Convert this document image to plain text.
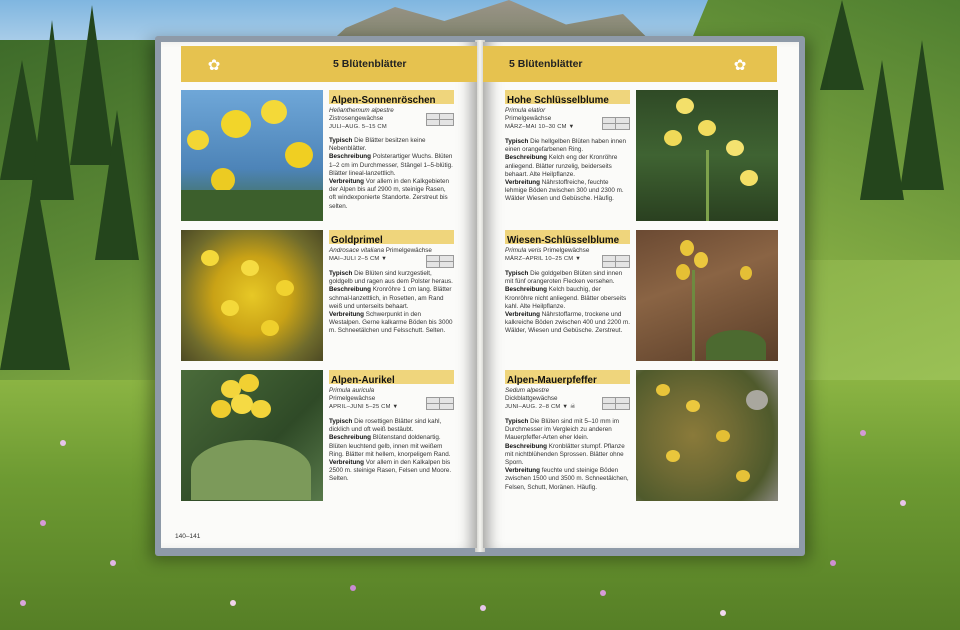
✿	5 Blütenblätter
Alpen-Sonnenröschen
Helianthemum alpestre
Zistrosengewächse
JULI–AUG. 5–15 CM
Typisch Die Blätter besitzen keine Nebenblätter.
Beschreibung Polsterartiger Wuchs. Blüten 1–2 cm im Durchmesser, Stängel 1–5-blütig. Blätter lineal-lanzettlich.
Verbreitung Vor allem in den Kalkgebieten der Alpen bis auf 2900 m, steinige Rasen, oft windexponierte Standorte. Zerstreut bis selten.
Goldprimel
Androsace vitaliana Primelgewächse
MAI–JULI 2–5 CM ▼
Typisch Die Blüten sind kurzgestielt, goldgelb und ragen aus dem Polster heraus.
Beschreibung Kronröhre 1 cm lang. Blätter schmal-lanzettlich, in Rosetten, am Rand weiß und unterseits behaart.
Verbreitung Schwerpunkt in den Westalpen. Gerne kalkarme Böden bis 3000 m. Schneetälchen und Felsschutt. Selten.
Alpen-Aurikel
Primula auricula
Primelgewächse
APRIL–JUNI 5–25 CM ▼
Typisch Die rosettigen Blätter sind kahl, dicklich und oft weiß bestäubt.
Beschreibung Blütenstand doldenartig. Blüten leuchtend gelb, innen mit weißem Ring. Blätter mit hellem, knorpeligem Rand.
Verbreitung Vor allem in den Kalkalpen bis 2500 m. steinige Rasen, Felsen und Moore. Selten.
140–141
5 Blütenblätter	✿
Hohe Schlüsselblume
Primula elatior
Primelgewächse
MÄRZ–MAI 10–30 CM ▼
Typisch Die hellgelben Blüten haben innen einen orangefarbenen Ring.
Beschreibung Kelch eng der Kronröhre anliegend. Blätter runzelig, beiderseits behaart. Alte Heilpflanze.
Verbreitung Nährstoffreiche, feuchte lehmige Böden zwischen 300 und 2300 m. Wälder Wiesen und Gebüsche. Häufig.
Wiesen-Schlüsselblume
Primula veris Primelgewächse
MÄRZ–APRIL 10–25 CM ▼
Typisch Die goldgelben Blüten sind innen mit fünf orangeroten Flecken versehen.
Beschreibung Kelch bauchig, der Kronröhre nicht anliegend. Blätter oberseits kahl. Alte Heilpflanze.
Verbreitung Nährstoffarme, trockene und kalkreiche Böden zwischen 400 und 2200 m. Wälder, Wiesen und Gebüsche. Zerstreut.
Alpen-Mauerpfeffer
Sedum alpestre
Dickblattgewächse
JUNI–AUG. 2–8 CM ▼ ☠
Typisch Die Blüten sind mit 5–10 mm im Durchmesser im Vergleich zu anderen Mauerpfeffer-Arten eher klein.
Beschreibung Kronblätter stumpf. Pflanze mit nichtblühenden Sprossen. Blätter ohne Sporn.
Verbreitung feuchte und steinige Böden zwischen 1500 und 3500 m. Schneetälchen, Felsen, Schutt, Moränen. Häufig.
